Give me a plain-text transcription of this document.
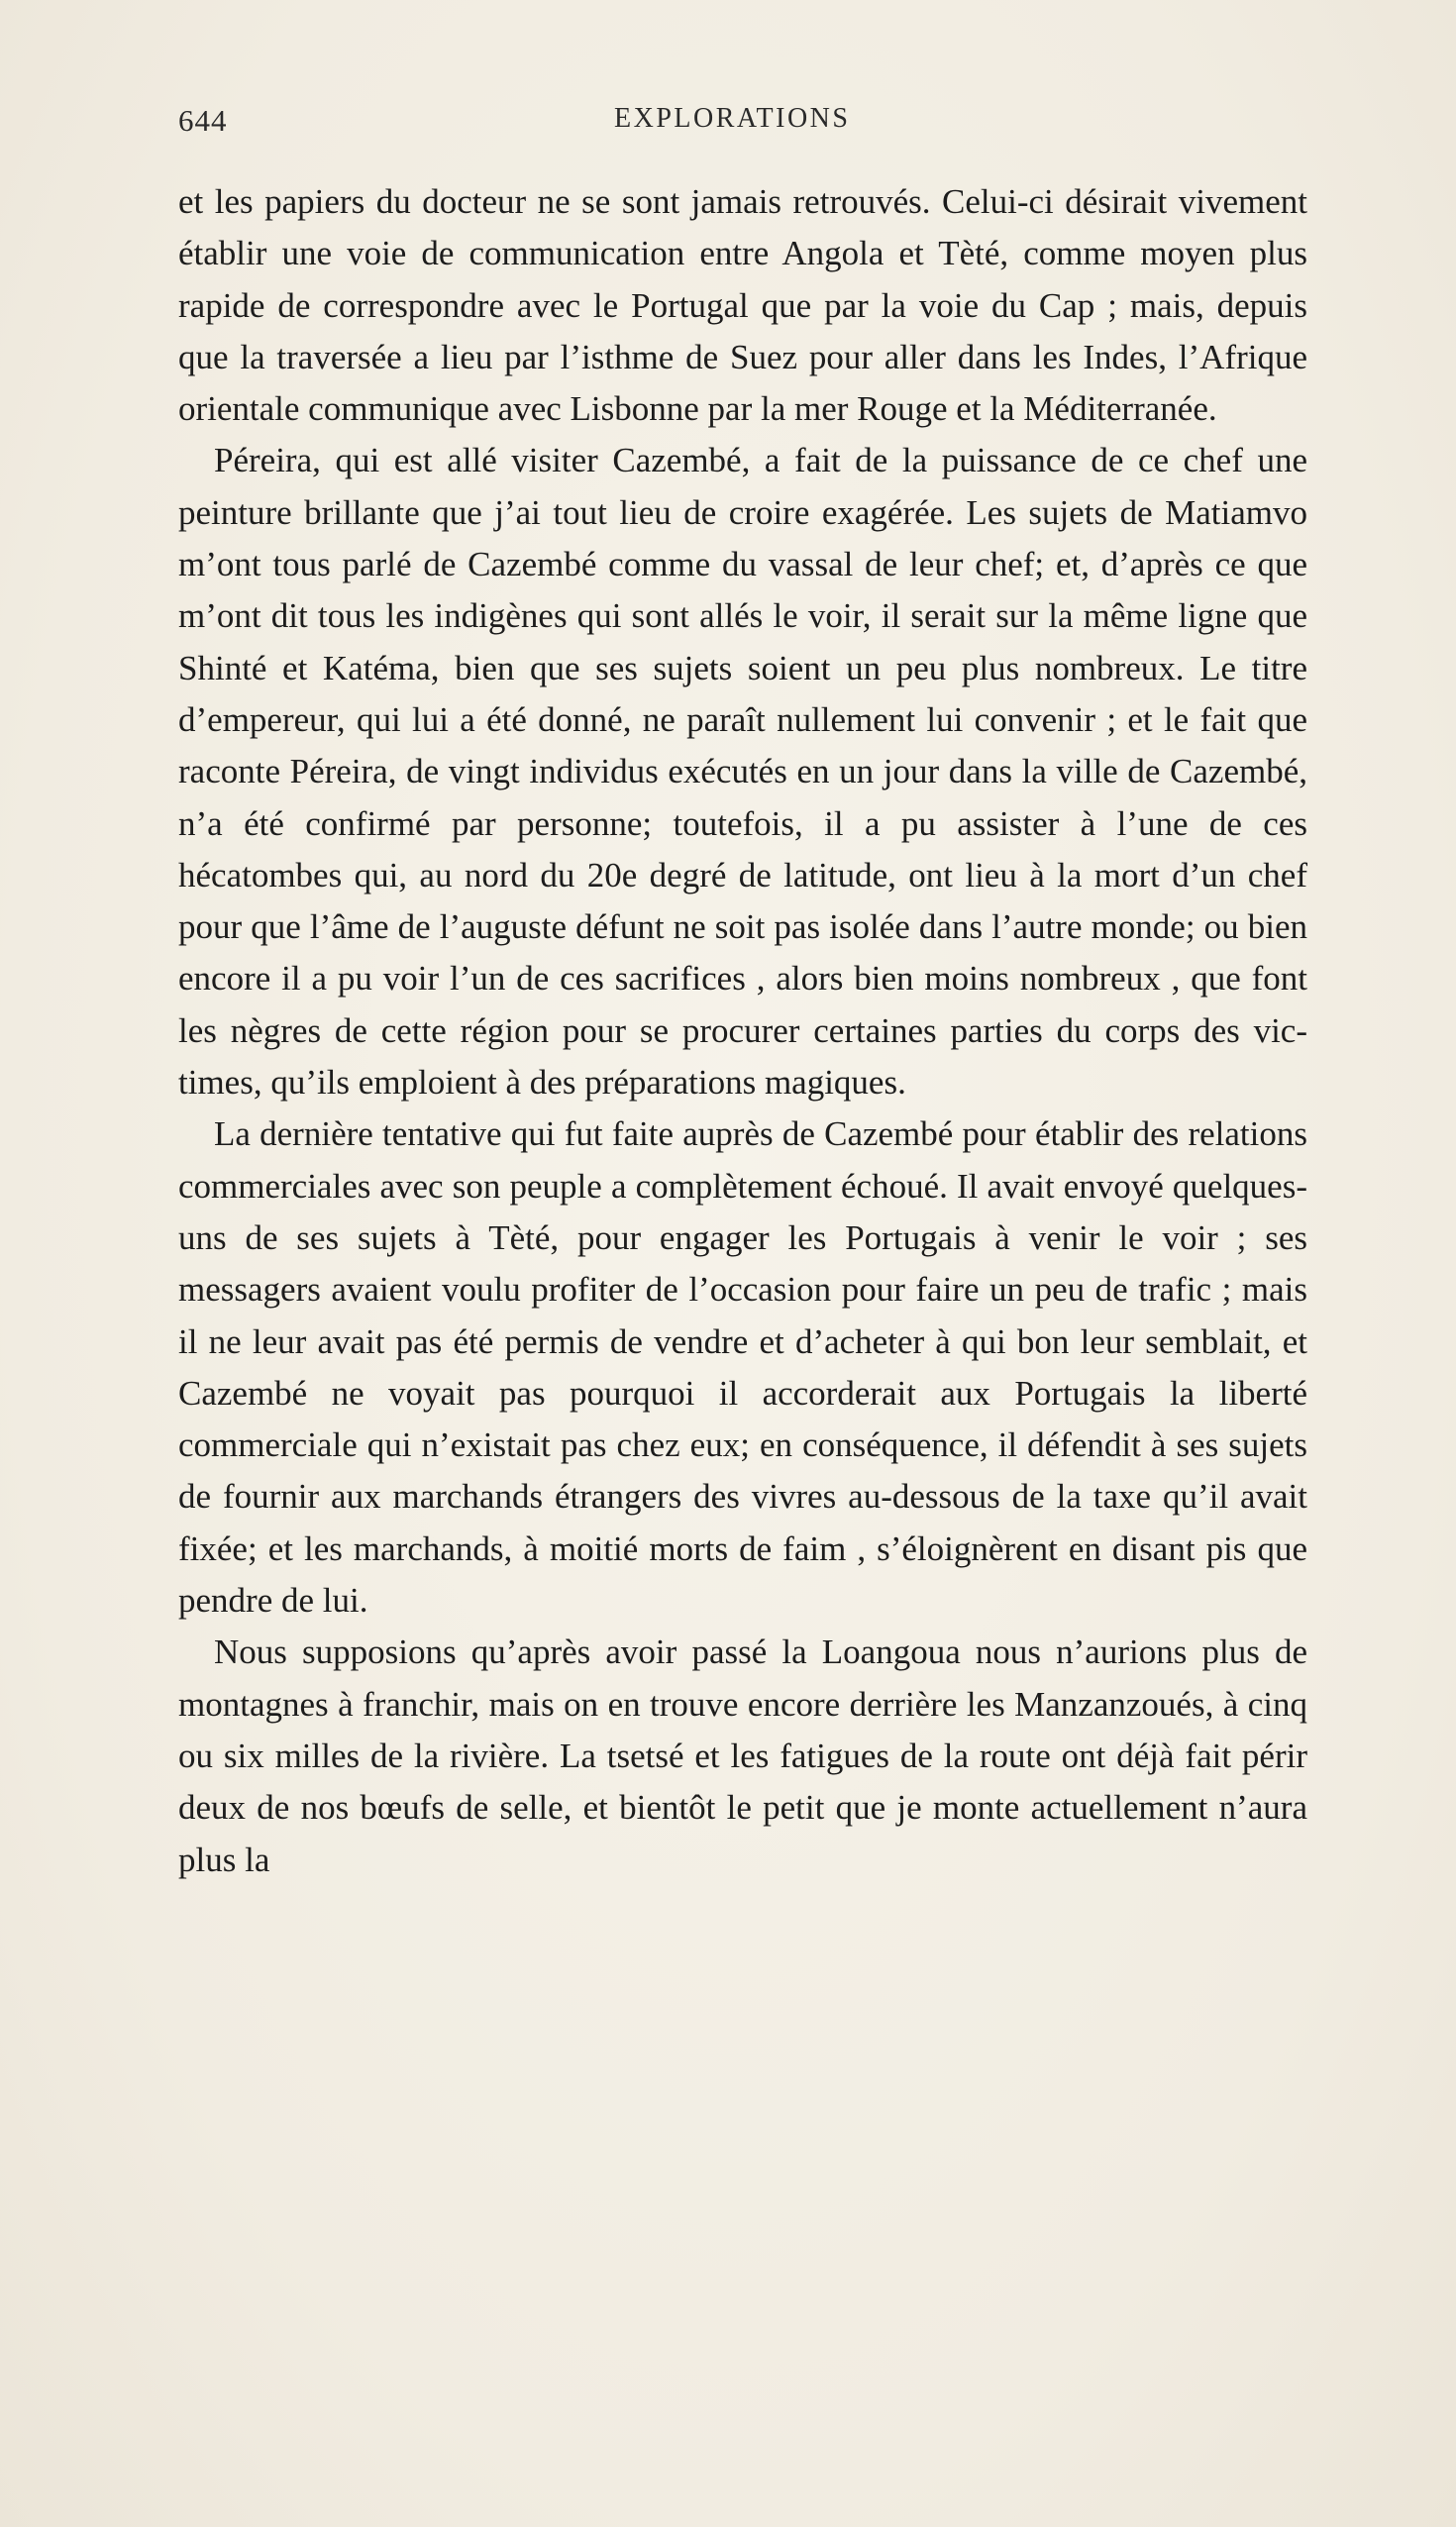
644	EXPLORATIONS

et les papiers du docteur ne se sont jamais retrouvés. Celui-ci désirait vivement établir une voie de communication entre Angola et Tèté, comme moyen plus rapide de correspondre avec le Portugal que par la voie du Cap ; mais, depuis que la traversée a lieu par l’isthme de Suez pour aller dans les Indes, l’Afrique orientale communique avec Lisbonne par la mer Rouge et la Méditerranée.

Péreira, qui est allé visiter Cazembé, a fait de la puissance de ce chef une peinture brillante que j’ai tout lieu de croire exagérée. Les sujets de Matiamvo m’ont tous parlé de Cazembé comme du vassal de leur chef; et, d’après ce que m’ont dit tous les indigènes qui sont allés le voir, il serait sur la même ligne que Shinté et Katéma, bien que ses sujets soient un peu plus nombreux. Le titre d’empereur, qui lui a été donné, ne paraît nullement lui convenir ; et le fait que raconte Péreira, de vingt individus exécutés en un jour dans la ville de Cazembé, n’a été confirmé par personne; toutefois, il a pu assister à l’une de ces hécatombes qui, au nord du 20e degré de latitude, ont lieu à la mort d’un chef pour que l’âme de l’auguste défunt ne soit pas isolée dans l’autre monde; ou bien encore il a pu voir l’un de ces sacrifices , alors bien moins nombreux , que font les nègres de cette région pour se procurer certaines parties du corps des victimes, qu’ils emploient à des préparations magiques.

La dernière tentative qui fut faite auprès de Cazembé pour établir des relations commerciales avec son peuple a complètement échoué. Il avait envoyé quelques-uns de ses sujets à Tèté, pour engager les Portugais à venir le voir ; ses messagers avaient voulu profiter de l’occasion pour faire un peu de trafic ; mais il ne leur avait pas été permis de vendre et d’acheter à qui bon leur semblait, et Cazembé ne voyait pas pourquoi il accorderait aux Portugais la liberté commerciale qui n’existait pas chez eux; en conséquence, il défendit à ses sujets de fournir aux marchands étrangers des vivres au-dessous de la taxe qu’il avait fixée; et les marchands, à moitié morts de faim , s’éloignèrent en disant pis que pendre de lui.

Nous supposions qu’après avoir passé la Loangoua nous n’aurions plus de montagnes à franchir, mais on en trouve encore derrière les Manzanzoués, à cinq ou six milles de la rivière. La tsetsé et les fatigues de la route ont déjà fait périr deux de nos bœufs de selle, et bientôt le petit que je monte actuellement n’aura plus la
